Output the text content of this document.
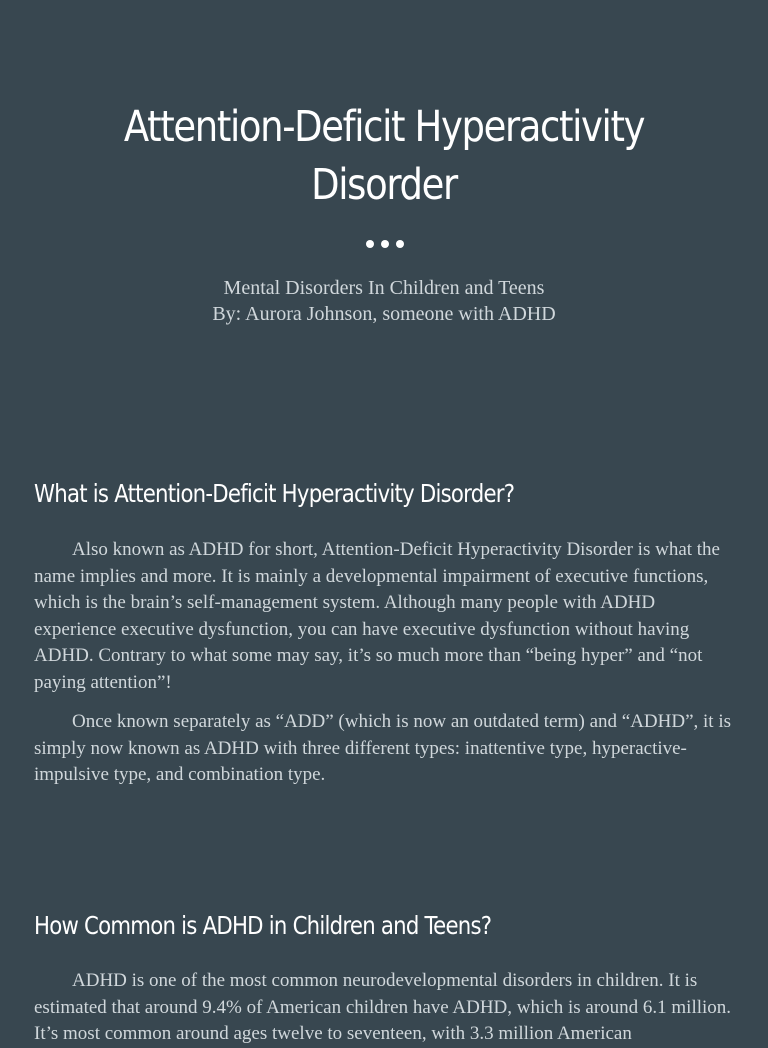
Attention-Deficit Hyperactivity Disorder
Mental Disorders In Children and Teens
By: Aurora Johnson, someone with ADHD
What is Attention-Deficit Hyperactivity Disorder?

Also known as ADHD for short, Attention-Deficit Hyperactivity Disorder is what the name implies and more. It is mainly a developmental impairment of executive functions, which is the brain’s self-management system. Although many people with ADHD experience executive dysfunction, you can have executive dysfunction without having ADHD. Contrary to what some may say, it’s so much more than “being hyper” and “not paying attention”!

Once known separately as “ADD” (which is now an outdated term) and “ADHD”, it is simply now known as ADHD with three different types: inattentive type, hyperactive-impulsive type, and combination type.

How Common is ADHD in Children and Teens?

ADHD is one of the most common neurodevelopmental disorders in children. It is estimated that around 9.4% of American children have ADHD, which is around 6.1 million. It’s most common around ages twelve to seventeen, with 3.3 million American
